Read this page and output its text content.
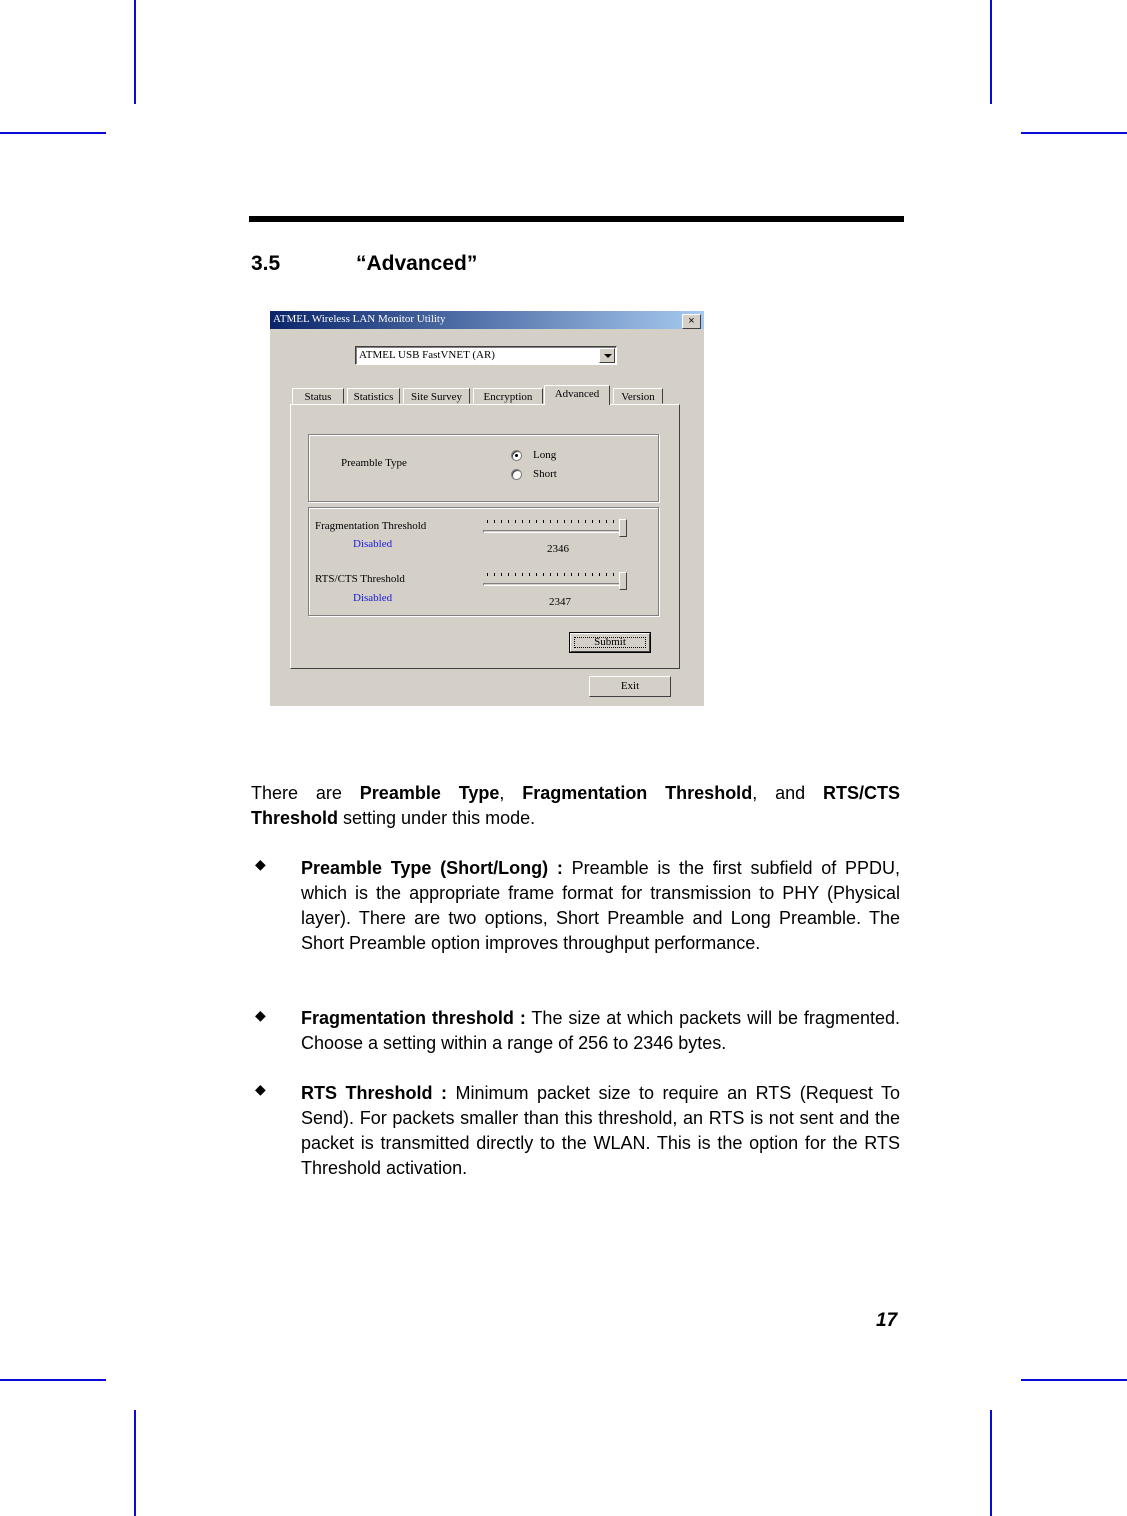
3.5	“Advanced”
ATMEL Wireless LAN Monitor Utility	×
ATMEL USB FastVNET (AR)
Status	Statistics	Site Survey	Encryption	Advanced	Version
Preamble Type
Long
Short
Fragmentation Threshold
Disabled	2346
RTS/CTS Threshold
Disabled	2347
Submit
Exit
There are Preamble Type, Fragmentation Threshold, and RTS/CTS Threshold setting under this mode.
◆ Preamble Type (Short/Long) : Preamble is the first subfield of PPDU, which is the appropriate frame format for transmission to PHY (Physical layer). There are two options, Short Preamble and Long Preamble. The Short Preamble option improves throughput performance.
◆ Fragmentation threshold : The size at which packets will be fragmented. Choose a setting within a range of 256 to 2346 bytes.
◆ RTS Threshold : Minimum packet size to require an RTS (Request To Send). For packets smaller than this threshold, an RTS is not sent and the packet is transmitted directly to the WLAN. This is the option for the RTS Threshold activation.
17
